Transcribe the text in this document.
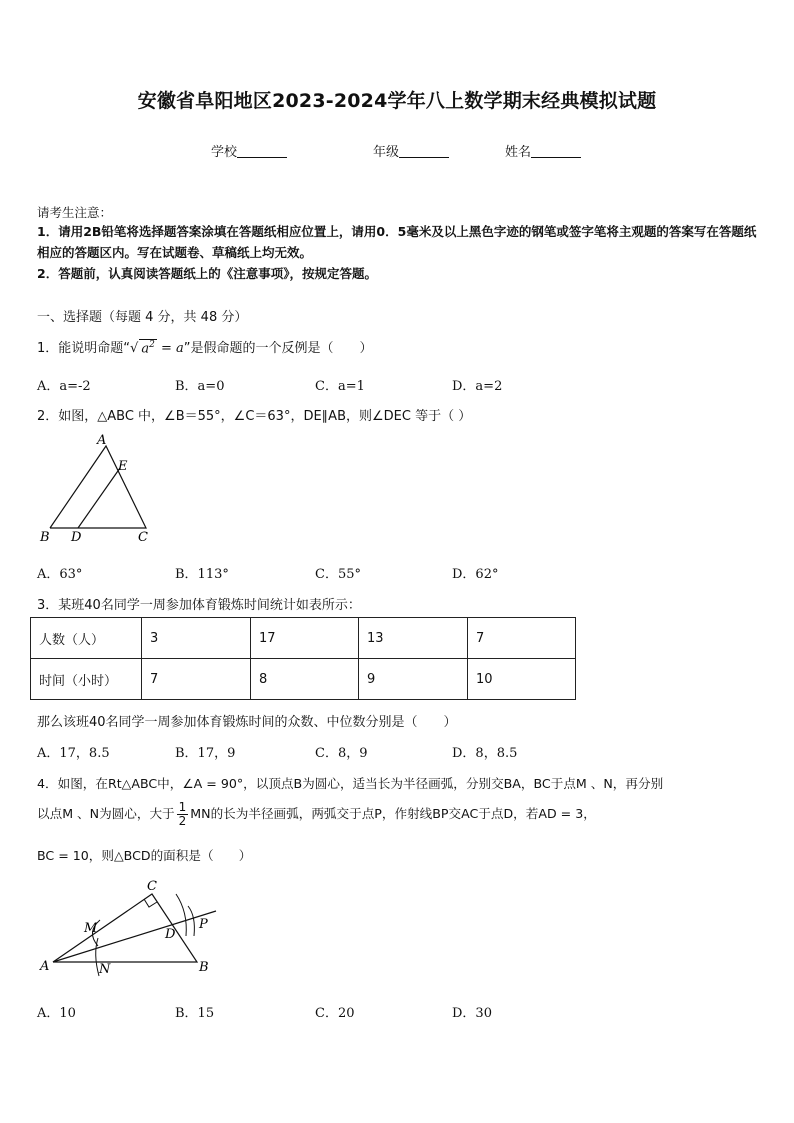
安徽省阜阳地区2023-2024学年八上数学期末经典模拟试题
学校	年级	姓名
请考生注意：
1．请用2B铅笔将选择题答案涂填在答题纸相应位置上，请用0．5毫米及以上黑色字迹的钢笔或签字笔将主观题的答案写在答题纸相应的答题区内。写在试题卷、草稿纸上均无效。
2．答题前，认真阅读答题纸上的《注意事项》，按规定答题。
一、选择题（每题 4 分，共 48 分）
1．能说明命题“√ $a^2 = a$”是假命题的一个反例是（　　）
A．a=-2	B．a=0	C．a=1	D．a=2
2．如图，△ABC 中，∠B＝55°，∠C＝63°，DE∥AB，则∠DEC 等于（ ）
A
E
B D	C
A．63°	B．113°	C．55°	D．62°
3．某班40名同学一周参加体育锻炼时间统计如表所示：
人数（人）	3	17	13	7
时间（小时）	7	8	9	10
那么该班40名同学一周参加体育锻炼时间的众数、中位数分别是（　　）
A．17，8.5	B．17，9	C．8，9	D．8，8.5
4．如图，在Rt△ABC中，∠A = 90°，以顶点B为圆心，适当长为半径画弧，分别交BA，BC于点M 、N，再分别
以点M 、N为圆心，大于 $\frac{1}{2}$ MN的长为半径画弧，两弧交于点P，作射线BP交AC于点D，若AD = 3，
BC = 10，则△BCD的面积是（　　）
C
M	D
P
A	N	B
A．10	B．15	C．20	D．30
